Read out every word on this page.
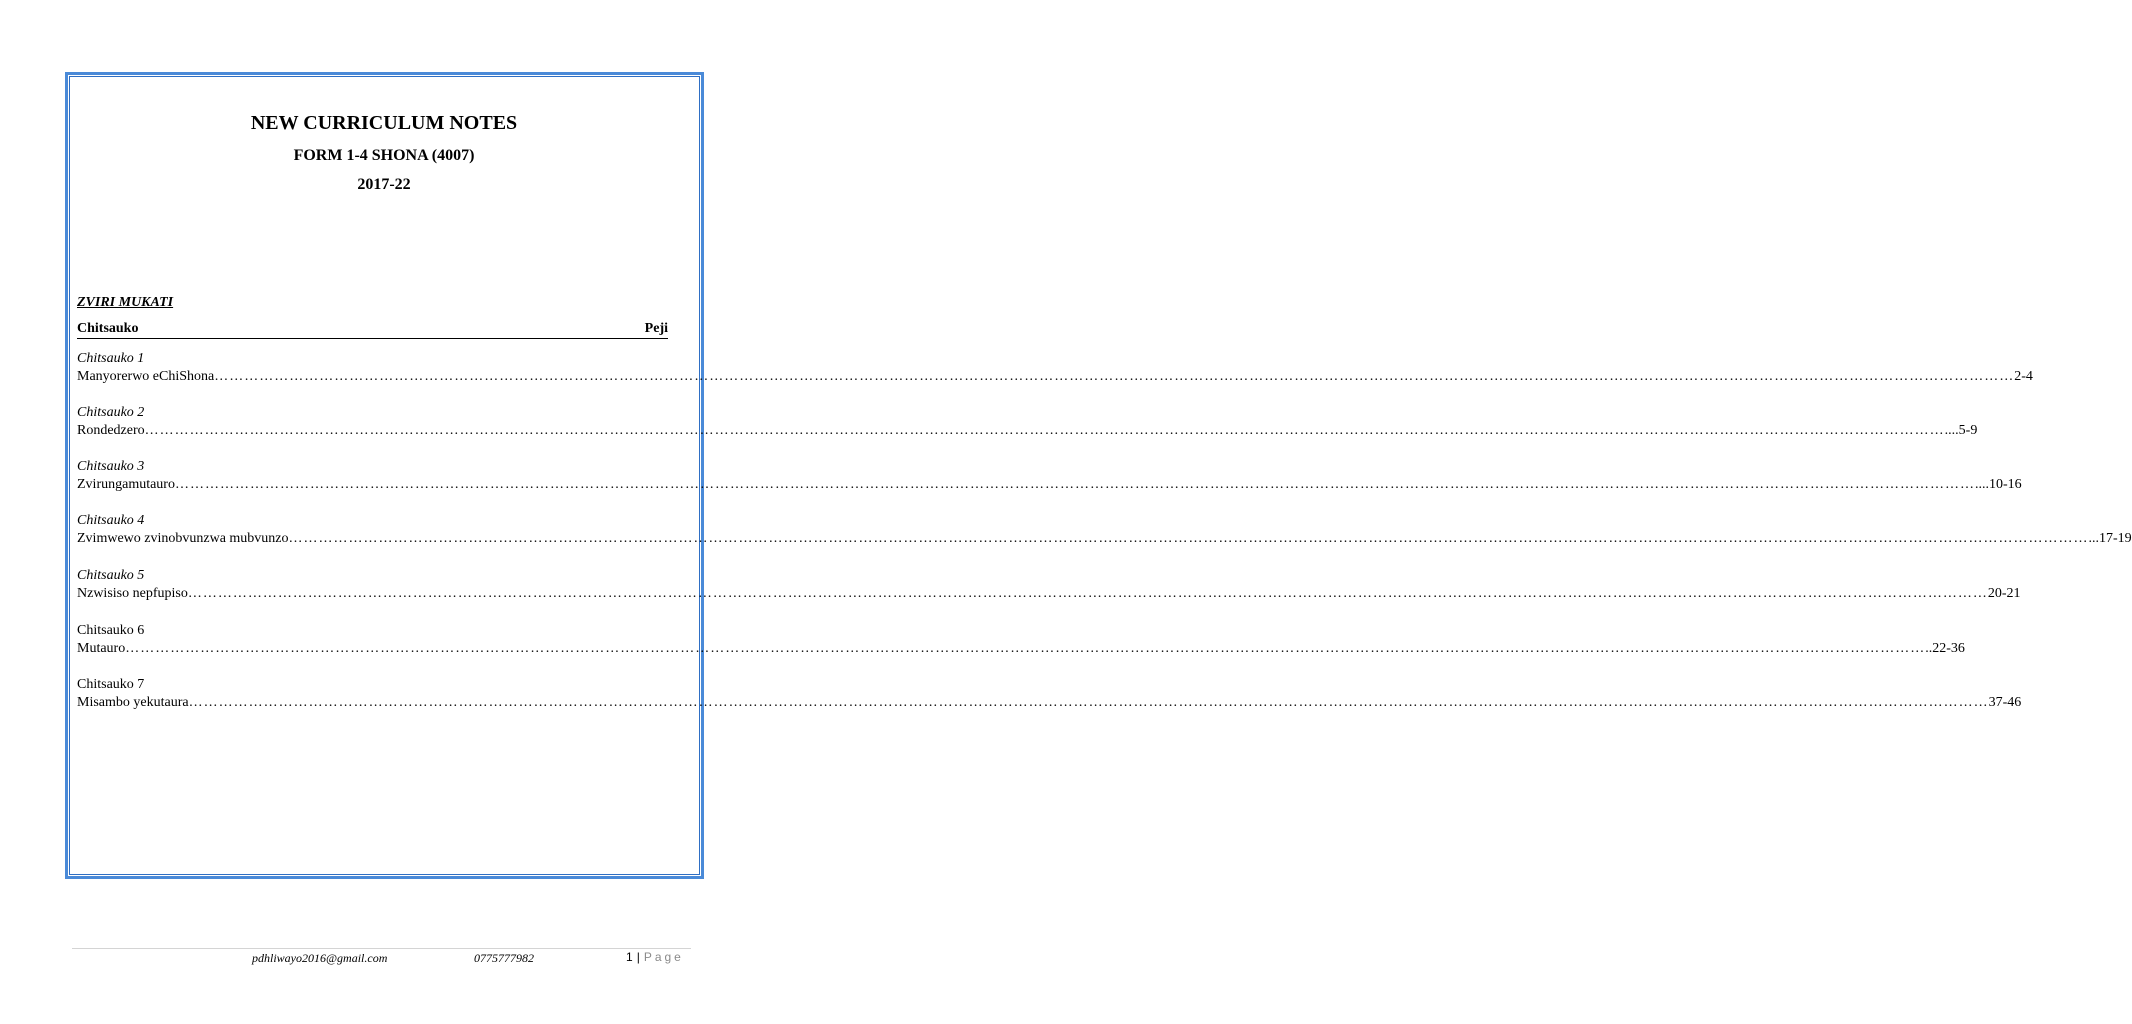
NEW CURRICULUM NOTES
FORM 1-4 SHONA (4007)
2017-22
ZVIRI MUKATI
Chitsauko	Peji
Chitsauko 1
Manyorerwo eChiShona ……………………………………………………………………………………………………………………………………………………………………………………………………………………………………………………………………………………………………………………………… 2-4
Chitsauko 2
Rondedzero ……………………………………………………………………………………………………………………………………………………………………………………………………………………………………………………………………………………………………………………………… ....5-9
Chitsauko 3
Zvirungamutauro ……………………………………………………………………………………………………………………………………………………………………………………………………………………………………………………………………………………………………………………………… ....10-16
Chitsauko 4
Zvimwewo zvinobvunzwa mubvunzo ……………………………………………………………………………………………………………………………………………………………………………………………………………………………………………………………………………………………………………………………… ...17-19
Chitsauko 5
Nzwisiso nepfupiso ……………………………………………………………………………………………………………………………………………………………………………………………………………………………………………………………………………………………………………………………… 20-21
Chitsauko 6
Mutauro ……………………………………………………………………………………………………………………………………………………………………………………………………………………………………………………………………………………………………………………………… ..22-36
Chitsauko 7
Misambo yekutaura ……………………………………………………………………………………………………………………………………………………………………………………………………………………………………………………………………………………………………………………………… 37-46
pdhliwayo2016@gmail.com	0775777982	1 | Page
